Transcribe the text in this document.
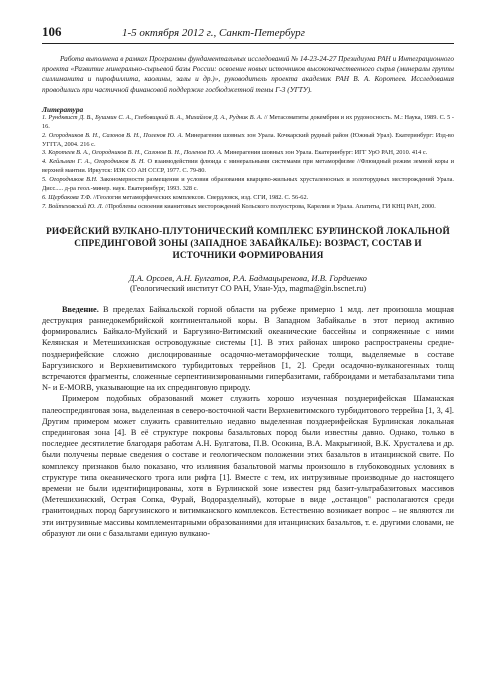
106	1-5 октября 2012 г., Санкт-Петербург
Работа выполнена в рамках Программы фундаментальных исследований № 14-23-24-27 Президиума РАН и Интеграционного проекта «Развитие минерально-сырьевой базы России: освоение новых источников высококачественного сырья (минералы группы силлиманита и пирофиллита, каолины, залы и др.)», руководитель проекта академик РАН В. А. Коротеев. Исследования проводились при частичной финансовой поддержке госбюджетной темы Г-3 (УГТУ).
Литература

1. Рундквист Д. В., Бушмин С. А., Глебовицкий В. А., Михайлов Д. А., Рудник В. А. // Метасоматиты докембрия и их рудоносность. М.: Наука, 1989. С. 5 - 16.

2. Огородников В. Н., Сазонов В. Н., Поленов Ю. А. Минерагения шовных зон Урала. Кочкарский рудный район (Южный Урал). Екатеринбург: Изд-во УГГГА, 2004. 216 с.

3. Коротеев В. А., Огородников В. Н., Сазонов В. Н., Поленов Ю. А. Минерагения шовных зон Урала. Екатеринбург: ИГГ УрО РАН, 2010. 414 с.

4. Кейльман Г. А., Огородников В. Н. О взаимодействии флюида с минеральными системами при метаморфизме //Флюидный режим земной коры и верхней мантии. Иркутск: ИЗК СО АН СССР, 1977. С. 79-80.

5. Огородников В.Н. Закономерности размещения и условия образования кварцево-жильных хрусталеносных и золоторудных месторождений Урала. Дисс..... д-ра геол.-минер. наук. Екатеринбург, 1993. 328 с.

6. Щербакова Т.Ф. //Геология метаморфических комплексов. Свердловск, изд. СГИ, 1982. С. 56-62.

7. Войтеховский Ю. Л. //Проблемы освоения кианитовых месторождений Кольского полуострова, Карелии и Урала. Апатиты, ГИ КНЦ РАН, 2000.

РИФЕЙСКИЙ ВУЛКАНО-ПЛУТОНИЧЕСКИЙ КОМПЛЕКС БУРЛИНСКОЙ ЛОКАЛЬНОЙ СПРЕДИНГОВОЙ ЗОНЫ (ЗАПАДНОЕ ЗАБАЙКАЛЬЕ): ВОЗРАСТ, СОСТАВ И ИСТОЧНИКИ ФОРМИРОВАНИЯ
Д.А. Орсоев, А.Н. Булгатов, Р.А. Бадмацыренова, И.В. Гордиенко
(Геологический институт СО РАН, Улан-Удэ, magma@gin.bscnet.ru)

Введение. В пределах Байкальской горной области на рубеже примерно 1 млд. лет произошла мощная деструкция раннедокембрийской континентальной коры. В Западном Забайкалье в этот период активно формировались Байкало-Муйский и Баргузино-Витимский океанические бассейны и сопряженные с ними Келянская и Метешихинская островодужные системы [1]. В этих районах широко распространены средне-позднерифейские сложно дислоцированные осадочно-метаморфические толщи, выделяемые в составе Баргузинского и Верхневитимского турбидитовых террейнов [1, 2]. Среди осадочно-вулканогенных толщ встречаются фрагменты, сложенные серпентинизированными гипербазитами, габброидами и метабазальтами типа N- и E-MORB, указывающие на их спрединговую природу.

Примером подобных образований может служить хорошо изученная позднерифейская Шаманская палеоспрединговая зона, выделенная в северо-восточной части Верхневитимского турбидитового террейна [1, 3, 4]. Другим примером может служить сравнительно недавно выделенная позднерифейская Бурлинская локальная спрединговая зона [4]. В её структуре покровы базальтовых пород были известны давно. Однако, только в последнее десятилетие благодаря работам А.Н. Булгатова, П.В. Осокина, В.А. Макрыгиной, В.К. Хрусталева и др. были получены первые сведения о составе и геологическом положении этих базальтов в итанцинской свите. По комплексу признаков было показано, что излияния базальтовой магмы произошло в глубоководных условиях в структуре типа океанического трога или рифта [1]. Вместе с тем, их интрузивные производные до настоящего времени не были идентифицированы, хотя в Бурлинской зоне известен ряд базит-ультрабазитовых массивов (Метешихинский, Острая Сопка, Фурай, Водоразделный), которые в виде „останцов" располагаются среди гранитоидных пород баргузинского и витимканского комплексов. Естественно возникает вопрос – не являются ли эти интрузивные массивы комплементарными образованиями для итанцинских базальтов, т. е. другими словами, не образуют ли они с базальтами единую вулкано-
